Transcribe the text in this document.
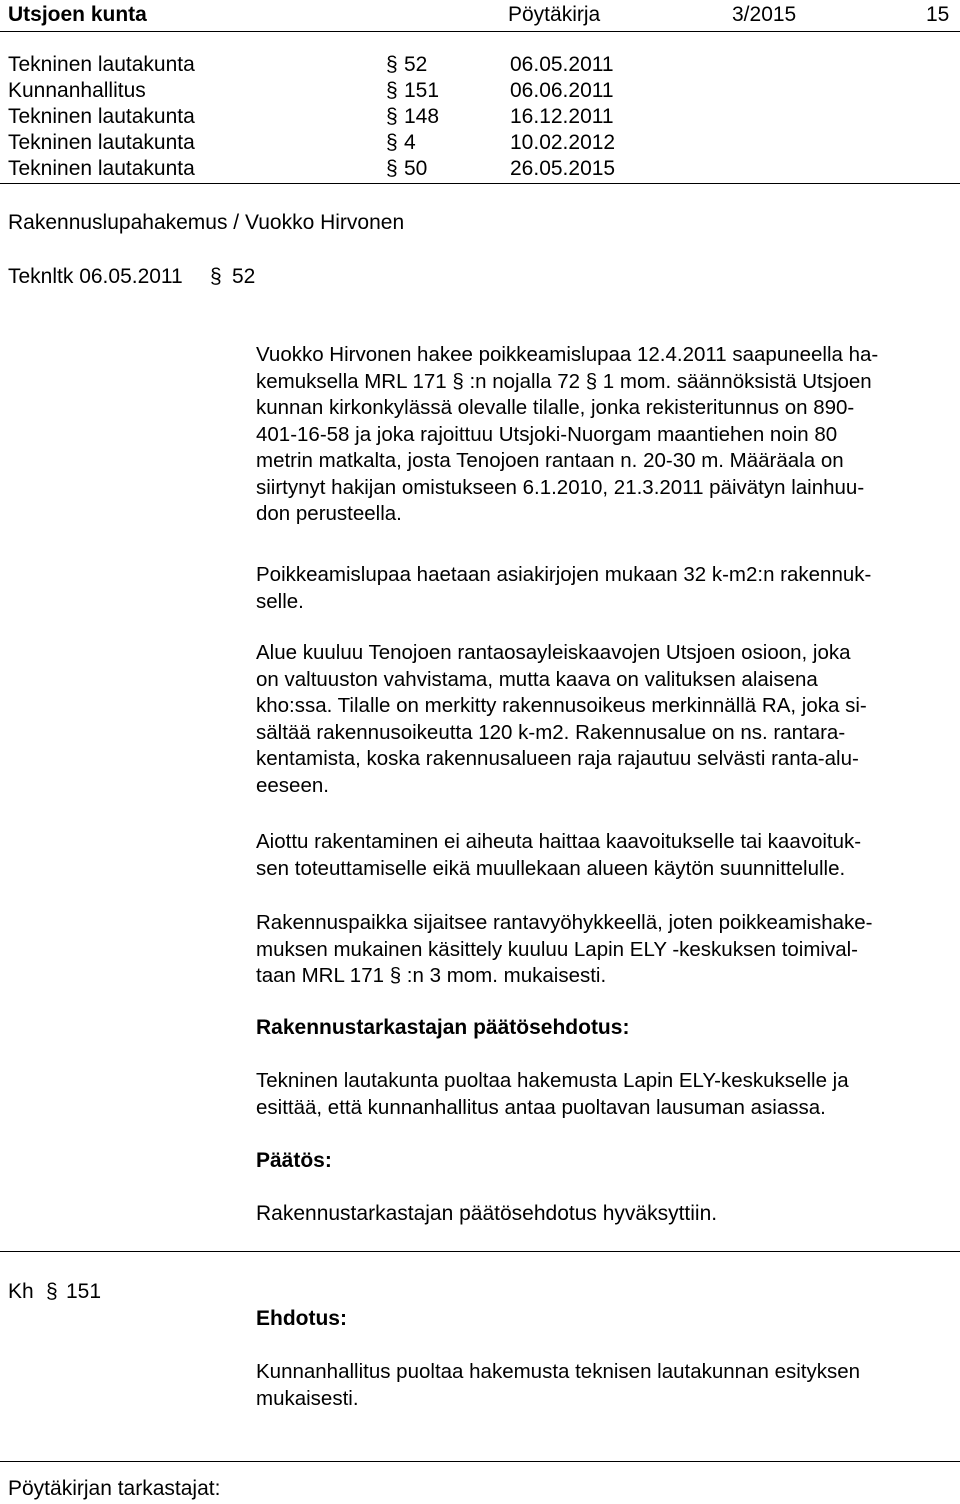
Utsjoen kunta	Pöytäkirja	3/2015	15
Tekninen lautakunta	§ 52	06.05.2011
Kunnanhallitus	§ 151	06.06.2011
Tekninen lautakunta	§ 148	16.12.2011
Tekninen lautakunta	§ 4	10.02.2012
Tekninen lautakunta	§ 50	26.05.2015
Rakennuslupahakemus / Vuokko Hirvonen
Teknltk 06.05.2011 § 52
Vuokko Hirvonen hakee poikkeamislupaa 12.4.2011 saapuneella ha-
kemuksella MRL 171 § :n nojalla 72 § 1 mom. säännöksistä Utsjoen
kunnan kirkonkylässä olevalle tilalle, jonka rekisteritunnus on 890-
401-16-58 ja joka rajoittuu Utsjoki-Nuorgam maantiehen noin 80
metrin matkalta, josta Tenojoen rantaan n. 20-30 m. Määräala on
siirtynyt hakijan omistukseen 6.1.2010, 21.3.2011 päivätyn lainhuu-
don perusteella.
Poikkeamislupaa haetaan asiakirjojen mukaan 32 k-m2:n rakennuk-
selle.
Alue kuuluu Tenojoen rantaosayleiskaavojen Utsjoen osioon, joka
on valtuuston vahvistama, mutta kaava on valituksen alaisena
kho:ssa. Tilalle on merkitty rakennusoikeus merkinnällä RA, joka si-
sältää rakennusoikeutta 120 k-m2. Rakennusalue on ns. rantara-
kentamista, koska rakennusalueen raja rajautuu selvästi ranta-alu-
eeseen.
Aiottu rakentaminen ei aiheuta haittaa kaavoitukselle tai kaavoituk-
sen toteuttamiselle eikä muullekaan alueen käytön suunnittelulle.
Rakennuspaikka sijaitsee rantavyöhykkeellä, joten poikkeamishake-
muksen mukainen käsittely kuuluu Lapin ELY -keskuksen toimival-
taan MRL 171 § :n 3 mom. mukaisesti.
Rakennustarkastajan päätösehdotus:
Tekninen lautakunta puoltaa hakemusta Lapin ELY-keskukselle ja
esittää, että kunnanhallitus antaa puoltavan lausuman asiassa.
Päätös:
Rakennustarkastajan päätösehdotus hyväksyttiin.
Kh § 151
Ehdotus:
Kunnanhallitus puoltaa hakemusta teknisen lautakunnan esityksen
mukaisesti.
Pöytäkirjan tarkastajat:
